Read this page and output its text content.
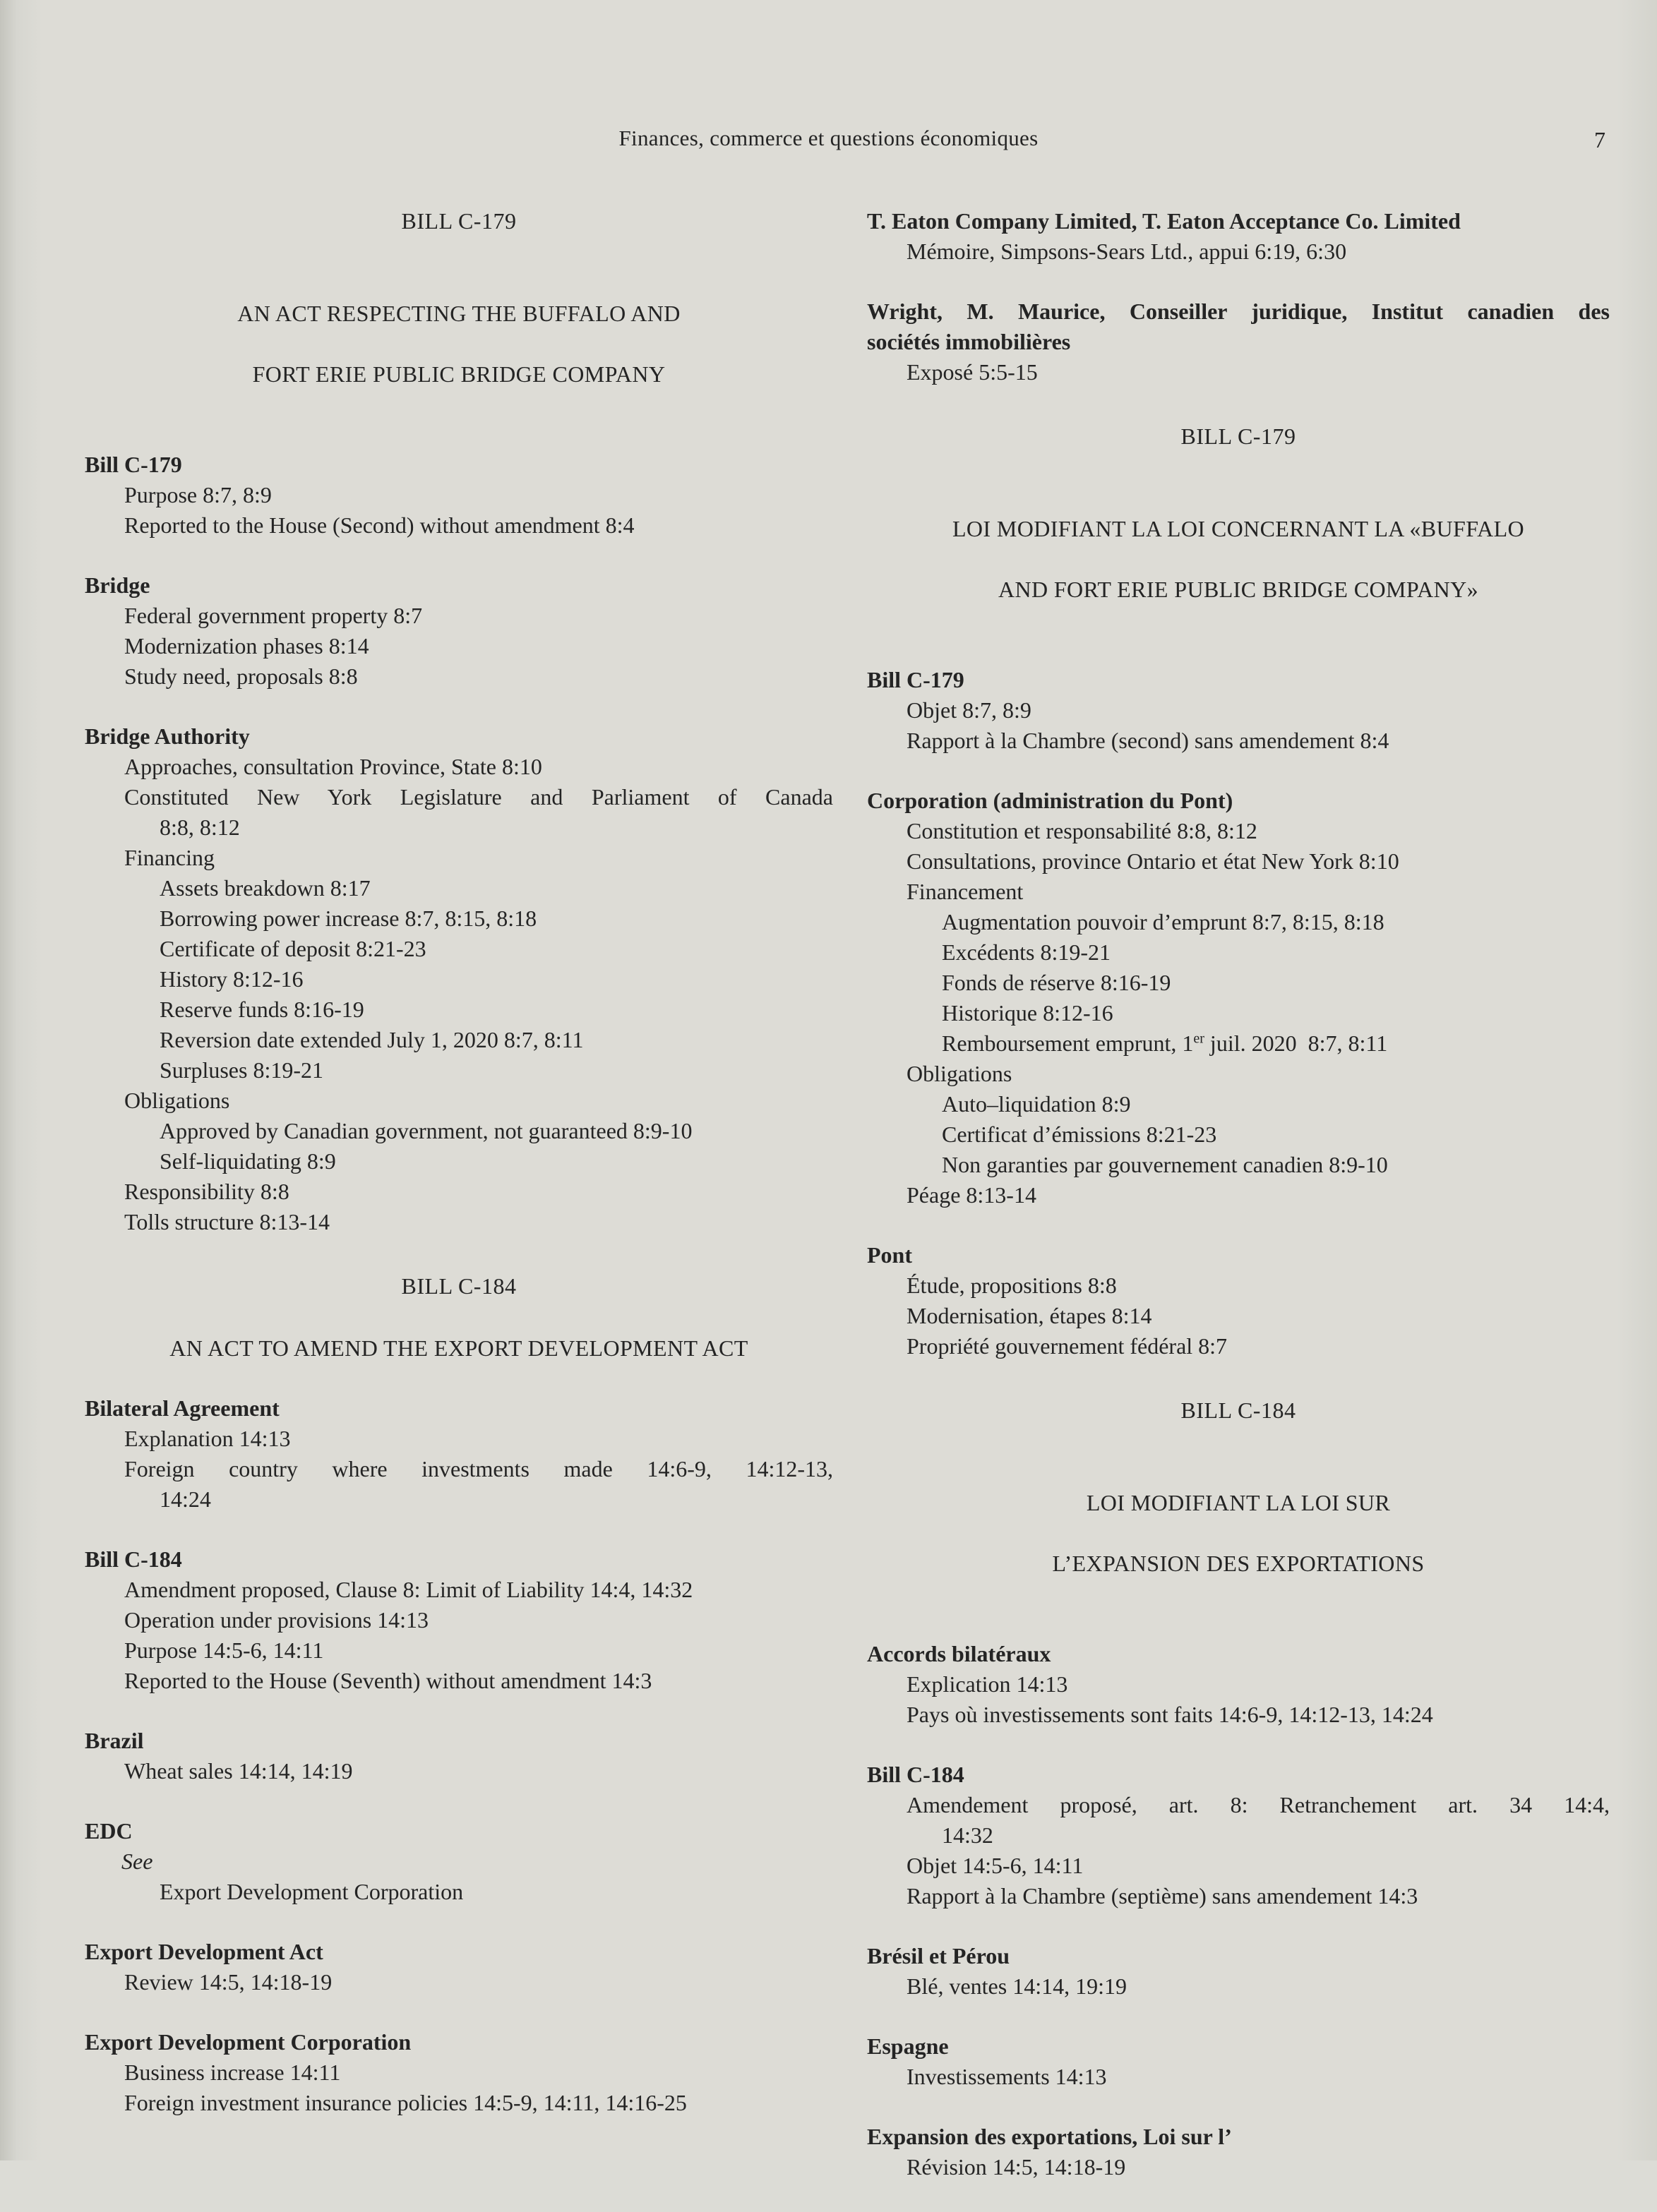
Finances, commerce et questions économiques	7
BILL C-179

AN ACT RESPECTING THE BUFFALO AND

FORT ERIE PUBLIC BRIDGE COMPANY

Bill C-179
Purpose 8:7, 8:9
Reported to the House (Second) without amendment 8:4
Bridge
Federal government property 8:7
Modernization phases 8:14
Study need, proposals 8:8
Bridge Authority
Approaches, consultation Province, State 8:10
Constituted New York Legislature and Parliament of Canada
8:8, 8:12
Financing
Assets breakdown 8:17
Borrowing power increase 8:7, 8:15, 8:18
Certificate of deposit 8:21-23
History 8:12-16
Reserve funds 8:16-19
Reversion date extended July 1, 2020 8:7, 8:11
Surpluses 8:19-21
Obligations
Approved by Canadian government, not guaranteed 8:9-10
Self-liquidating 8:9
Responsibility 8:8
Tolls structure 8:13-14
BILL C-184
AN ACT TO AMEND THE EXPORT DEVELOPMENT ACT
Bilateral Agreement
Explanation 14:13
Foreign country where investments made 14:6-9, 14:12-13,
14:24
Bill C-184
Amendment proposed, Clause 8: Limit of Liability 14:4, 14:32
Operation under provisions 14:13
Purpose 14:5-6, 14:11
Reported to the House (Seventh) without amendment 14:3
Brazil
Wheat sales 14:14, 14:19
EDC
See
Export Development Corporation
Export Development Act
Review 14:5, 14:18-19
Export Development Corporation
Business increase 14:11
Foreign investment insurance policies 14:5-9, 14:11, 14:16-25
T. Eaton Company Limited, T. Eaton Acceptance Co. Limited
Mémoire, Simpsons-Sears Ltd., appui 6:19, 6:30
Wright, M. Maurice, Conseiller juridique, Institut canadien des
sociétés immobilières
Exposé 5:5-15
BILL C-179

LOI MODIFIANT LA LOI CONCERNANT LA «BUFFALO

AND FORT ERIE PUBLIC BRIDGE COMPANY»

Bill C-179
Objet 8:7, 8:9
Rapport à la Chambre (second) sans amendement 8:4
Corporation (administration du Pont)
Constitution et responsabilité 8:8, 8:12
Consultations, province Ontario et état New York 8:10
Financement
Augmentation pouvoir d’emprunt 8:7, 8:15, 8:18
Excédents 8:19-21
Fonds de réserve 8:16-19
Historique 8:12-16
Remboursement emprunt, 1er juil. 2020  8:7, 8:11
Obligations
Auto–liquidation 8:9
Certificat d’émissions 8:21-23
Non garanties par gouvernement canadien 8:9-10
Péage 8:13-14
Pont
Étude, propositions 8:8
Modernisation, étapes 8:14
Propriété gouvernement fédéral 8:7
BILL C-184

LOI MODIFIANT LA LOI SUR

L’EXPANSION DES EXPORTATIONS

Accords bilatéraux
Explication 14:13
Pays où investissements sont faits 14:6-9, 14:12-13, 14:24
Bill C-184
Amendement proposé, art. 8: Retranchement art. 34 14:4,
14:32
Objet 14:5-6, 14:11
Rapport à la Chambre (septième) sans amendement 14:3
Brésil et Pérou
Blé, ventes 14:14, 19:19
Espagne
Investissements 14:13
Expansion des exportations, Loi sur l’
Révision 14:5, 14:18-19
